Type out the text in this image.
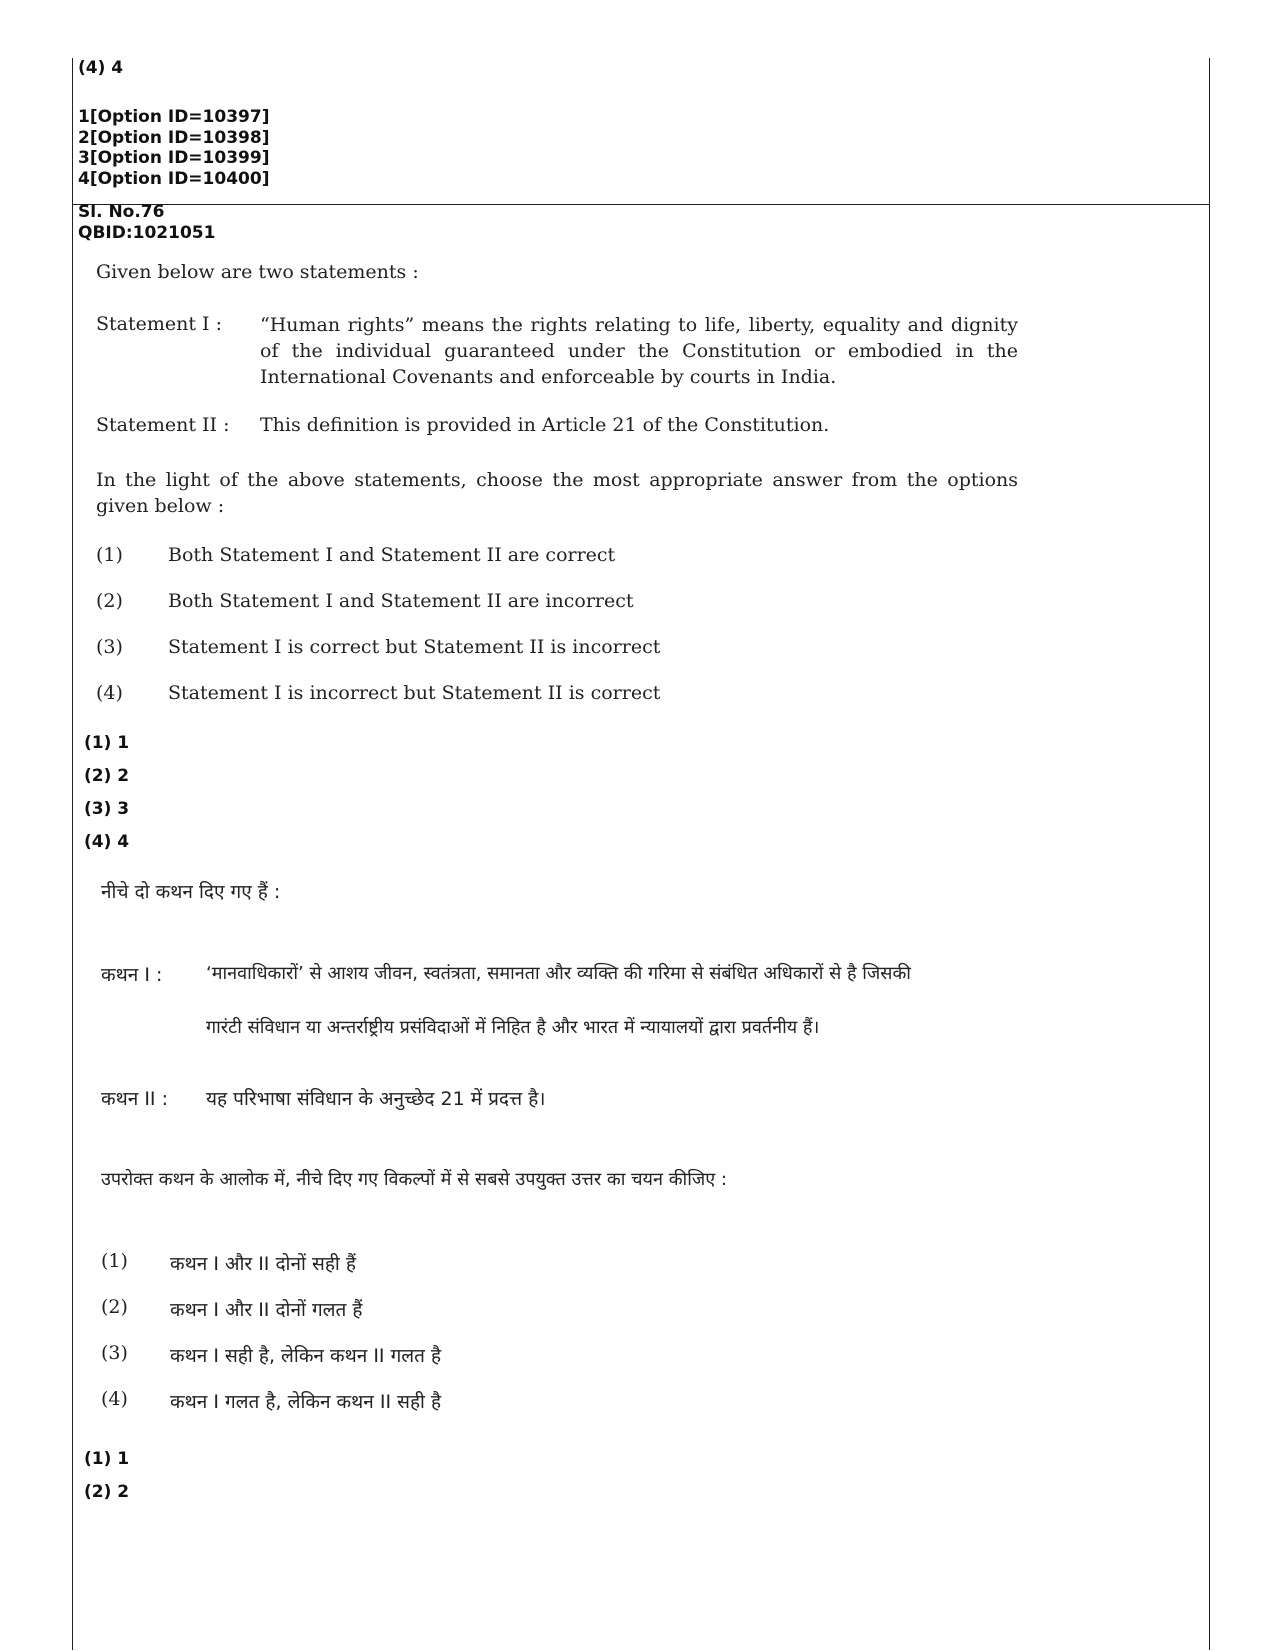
(4) 4
1[Option ID=10397]
2[Option ID=10398]
3[Option ID=10399]
4[Option ID=10400]
Sl. No.76
QBID:1021051
Given below are two statements :
Statement I : “Human rights” means the rights relating to life, liberty, equality and dignity of the individual guaranteed under the Constitution or embodied in the International Covenants and enforceable by courts in India.
Statement II : This definition is provided in Article 21 of the Constitution.
In the light of the above statements, choose the most appropriate answer from the options given below :
(1) Both Statement I and Statement II are correct
(2) Both Statement I and Statement II are incorrect
(3) Statement I is correct but Statement II is incorrect
(4) Statement I is incorrect but Statement II is correct
(1) 1
(2) 2
(3) 3
(4) 4
नीचे दो कथन दिए गए हैं :
कथन I : ‘मानवाधिकारों’ से आशय जीवन, स्वतंत्रता, समानता और व्यक्ति की गरिमा से संबंधित अधिकारों से है जिसकी
गारंटी संविधान या अन्तर्राष्ट्रीय प्रसंविदाओं में निहित है और भारत में न्यायालयों द्वारा प्रवर्तनीय हैं।
कथन II : यह परिभाषा संविधान के अनुच्छेद 21 में प्रदत्त है।
उपरोक्त कथन के आलोक में, नीचे दिए गए विकल्पों में से सबसे उपयुक्त उत्तर का चयन कीजिए :
(1) कथन I और II दोनों सही हैं
(2) कथन I और II दोनों गलत हैं
(3) कथन I सही है, लेकिन कथन II गलत है
(4) कथन I गलत है, लेकिन कथन II सही है
(1) 1
(2) 2
